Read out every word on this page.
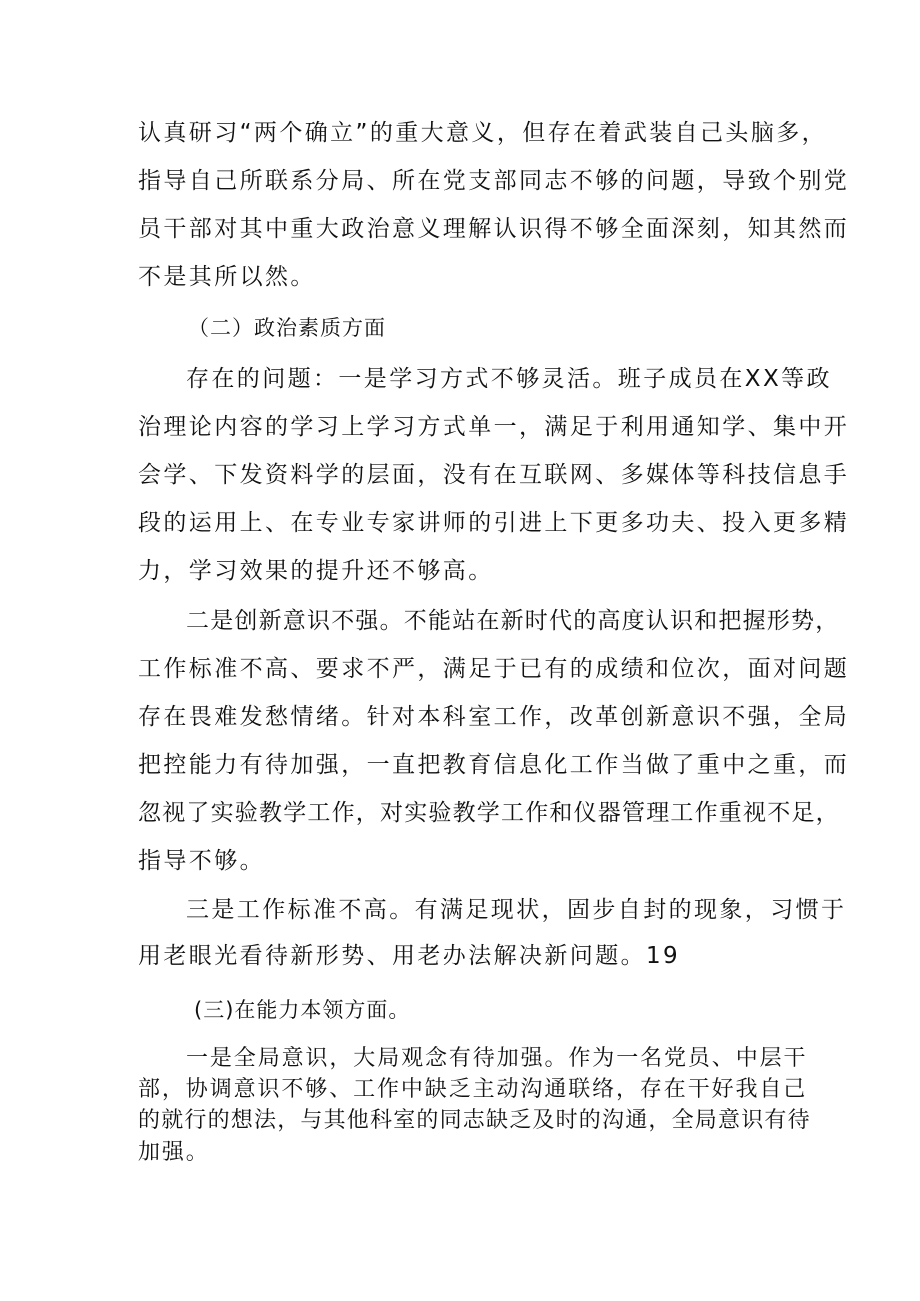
认真研习“两个确立”的重大意义，但存在着武装自己头脑多，
指导自己所联系分局、所在党支部同志不够的问题，导致个别党
员干部对其中重大政治意义理解认识得不够全面深刻，知其然而
不是其所以然。
（二）政治素质方面
存在的问题：一是学习方式不够灵活。班子成员在XX等政
治理论内容的学习上学习方式单一，满足于利用通知学、集中开
会学、下发资料学的层面，没有在互联网、多媒体等科技信息手
段的运用上、在专业专家讲师的引进上下更多功夫、投入更多精
力，学习效果的提升还不够高。
二是创新意识不强。不能站在新时代的高度认识和把握形势，
工作标准不高、要求不严，满足于已有的成绩和位次，面对问题
存在畏难发愁情绪。针对本科室工作，改革创新意识不强，全局
把控能力有待加强，一直把教育信息化工作当做了重中之重，而
忽视了实验教学工作，对实验教学工作和仪器管理工作重视不足，
指导不够。
三是工作标准不高。有满足现状，固步自封的现象，习惯于
用老眼光看待新形势、用老办法解决新问题。19
(三)在能力本领方面。
一是全局意识，大局观念有待加强。作为一名党员、中层干
部，协调意识不够、工作中缺乏主动沟通联络，存在干好我自己
的就行的想法，与其他科室的同志缺乏及时的沟通，全局意识有待
加强。
